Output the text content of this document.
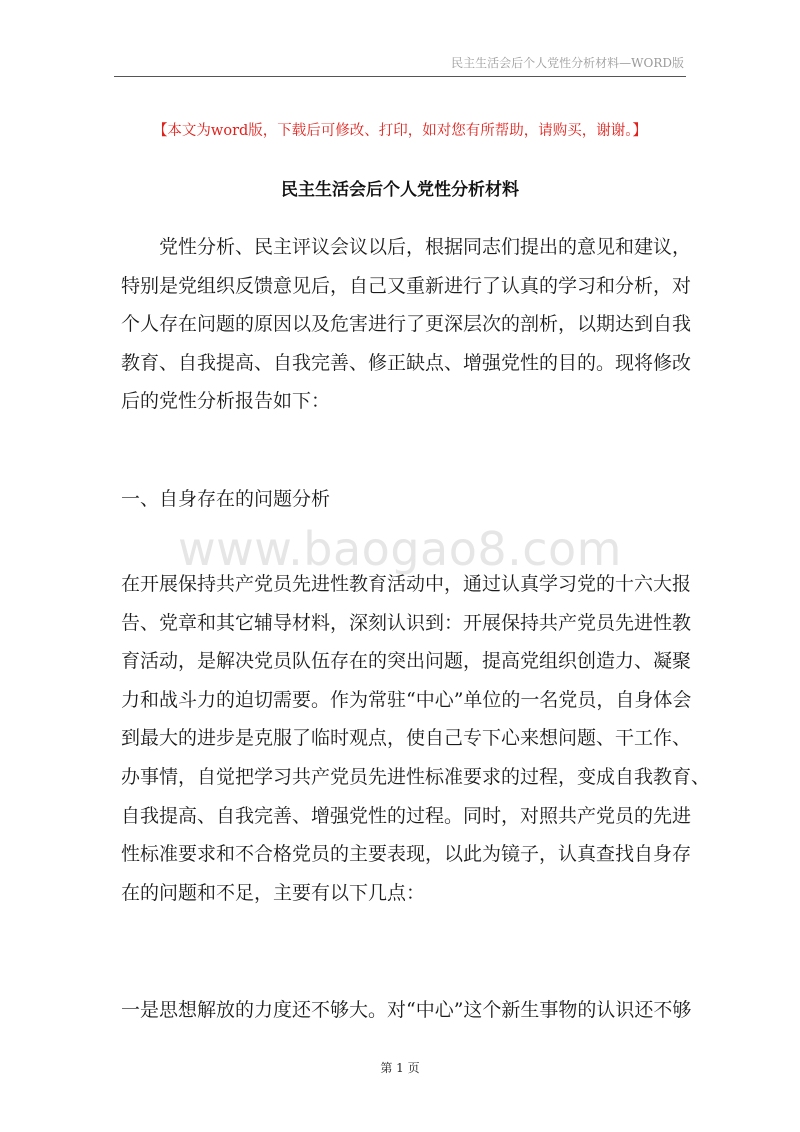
民主生活会后个人党性分析材料—WORD版
【本文为word版，下载后可修改、打印，如对您有所帮助，请购买，谢谢。】
民主生活会后个人党性分析材料
　　党性分析、民主评议会议以后，根据同志们提出的意见和建议，
特别是党组织反馈意见后，自己又重新进行了认真的学习和分析，对
个人存在问题的原因以及危害进行了更深层次的剖析，以期达到自我
教育、自我提高、自我完善、修正缺点、增强党性的目的。现将修改
后的党性分析报告如下：
一、自身存在的问题分析
www.baogao8.com
在开展保持共产党员先进性教育活动中，通过认真学习党的十六大报
告、党章和其它辅导材料，深刻认识到：开展保持共产党员先进性教
育活动，是解决党员队伍存在的突出问题，提高党组织创造力、凝聚
力和战斗力的迫切需要。作为常驻“中心”单位的一名党员，自身体会
到最大的进步是克服了临时观点，使自己专下心来想问题、干工作、
办事情，自觉把学习共产党员先进性标准要求的过程，变成自我教育、
自我提高、自我完善、增强党性的过程。同时，对照共产党员的先进
性标准要求和不合格党员的主要表现，以此为镜子，认真查找自身存
在的问题和不足，主要有以下几点：
一是思想解放的力度还不够大。对“中心”这个新生事物的认识还不够
第 1 页
